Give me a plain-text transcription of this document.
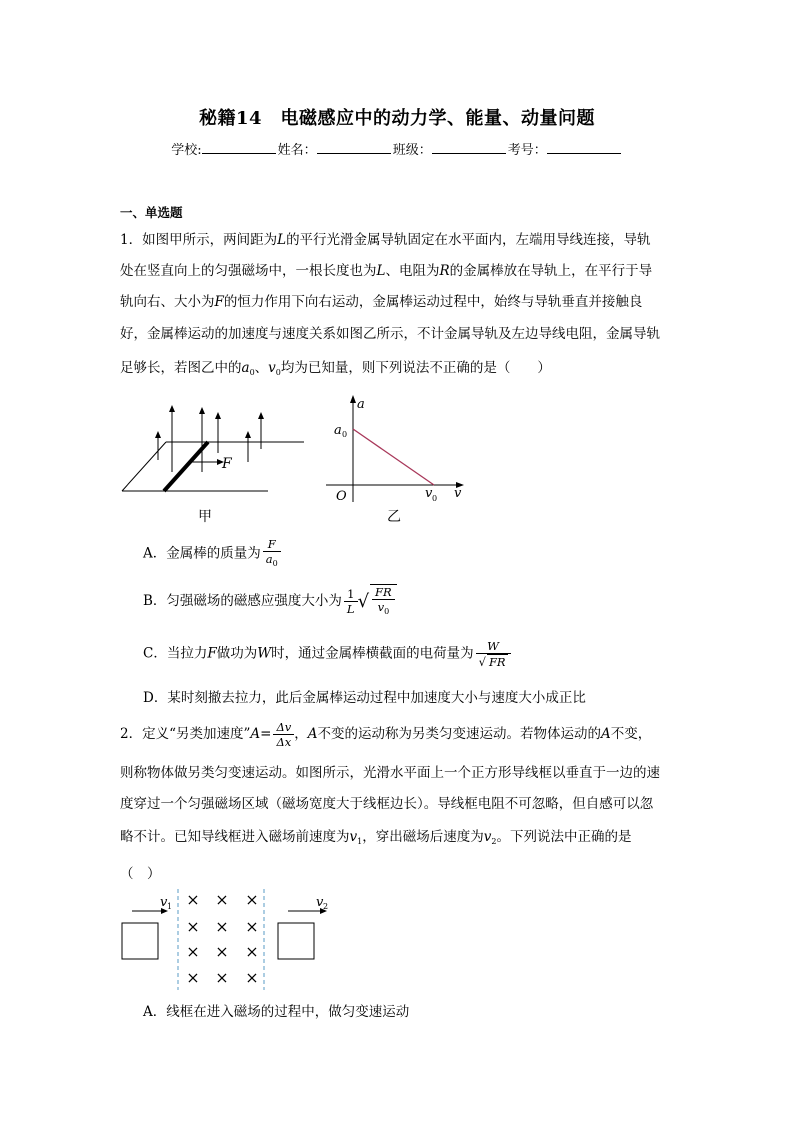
秘籍14　电磁感应中的动力学、能量、动量问题
学校:	姓名：	班级：	考号：
一、单选题
1．如图甲所示，两间距为L的平行光滑金属导轨固定在水平面内，左端用导线连接，导轨
处在竖直向上的匀强磁场中，一根长度也为L、电阻为R的金属棒放在导轨上，在平行于导
轨向右、大小为F的恒力作用下向右运动，金属棒运动过程中，始终与导轨垂直并接触良
好，金属棒运动的加速度与速度关系如图乙所示，不计金属导轨及左边导线电阻，金属导轨
足够长，若图乙中的$a_0$、$v_0$均为已知量，则下列说法不正确的是（　　）
F
甲
a
v
O
a 0
v 0
乙
A．金属棒的质量为 $\frac{F}{a_0}$
B．匀强磁场的磁感应强度大小为 $\frac{1}{L}$ √ $\frac{FR}{v_0}$
C．当拉力F做功为W时，通过金属棒横截面的电荷量为 $\frac{W}{√ FR}$
D．某时刻撤去拉力，此后金属棒运动过程中加速度大小与速度大小成正比
2．定义“另类加速度”A= $\frac{\Delta v}{\Delta x}$ ，A不变的运动称为另类匀变速运动。若物体运动的A不变，
则称物体做另类匀变速运动。如图所示，光滑水平面上一个正方形导线框以垂直于一边的速
度穿过一个匀强磁场区域（磁场宽度大于线框边长）。导线框电阻不可忽略，但自感可以忽
略不计。已知导线框进入磁场前速度为$v_1$，穿出磁场后速度为$v_2$。下列说法中正确的是
（　）
× × ×
× × ×
× × ×
× × ×
v 1	v 2
A．线框在进入磁场的过程中，做匀变速运动
